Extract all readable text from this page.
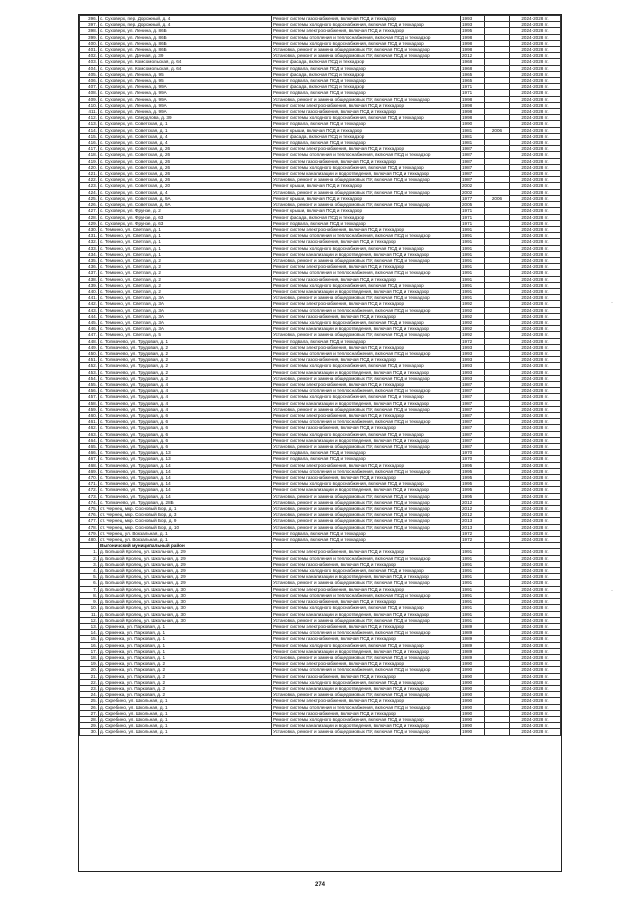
396.	с. Суховерх, пер. Дорожный, д. 4	Ремонт систем газоснабжения, включая ПСД и техкадзор	1993		2024-2028 гг.
397.	с. Суховерх, пер. Дорожный, д. 4	Ремонт системы холодного водоснабжения, включая ПСД и техкадзор	1993		2024-2028 гг.
398.	с. Суховерх, ул. Ленина, д. 86Б	Ремонт систем электроснабжения, включая ПСД и техкадзор	1995		2024-2028 гг.
399.	с. Суховерх, ул. Ленина, д. 86Б	Ремонт системы отопления и теплоснабжения, включая ПСД и техкадзор	1998		2024-2028 гг.
400.	с. Суховерх, ул. Ленина, д. 86Б	Ремонт системы холодного водоснабжения, включая ПСД и техкадзор	1998		2024-2028 гг.
401.	с. Суховерх, ул. Ленина, д. 86Б	Установка, ремонт и замена общедомовых ПУ, включая ПСД и техкадзор	1998		2024-2028 гг.
402.	с. Суховерх, ул. Дачная, д. 39	Установка, ремонт и замена общедомовых ПУ, включая ПСД и техкадзор	2012		2024-2028 гг.
403.	с. Суховерх, ул. Комсомольская, д. 64	Ремонт фасада, включая ПСД и техкадзор	1968		2024-2028 гг.
404.	с. Суховерх, ул. Комсомольская, д. 64	Ремонт подвала, включая ПСД и техкадзор	1968		2024-2028 гг.
405.	с. Суховерх, ул. Ленина, д. 95	Ремонт фасада, включая ПСД и техкадзор	1965		2024-2028 гг.
406.	с. Суховерх, ул. Ленина, д. 95	Ремонт подвала, включая ПСД и техкадзор	1965		2024-2028 гг.
407.	с. Суховерх, ул. Ленина, д. 99А	Ремонт фасада, включая ПСД и техкадзор	1971		2024-2028 гг.
408.	с. Суховерх, ул. Ленина, д. 99А	Ремонт подвала, включая ПСД и техкадзор	1971		2024-2028 гг.
409.	с. Суховерх, ул. Ленина, д. 99А	Установка, ремонт и замена общедомовых ПУ, включая ПСД и техкадзор	1998		2024-2028 гг.
410.	с. Суховерх, ул. Ленина, д. 99А	Ремонт систем электроснабжения, включая ПСД и техкадзор	1998		2024-2028 гг.
411.	с. Суховерх, ул. Ленина, д. 99А	Ремонт систем газоснабжения, включая ПСД и техкадзор	1998		2024-2028 гг.
412.	с. Суховерх, ул. Свердлова, д. 39	Ремонт системы холодного водоснабжения, включая ПСД и техкадзор	1998		2024-2028 гг.
413.	с. Суховерх, ул. Советская, д. 1	Ремонт подвала, включая ПСД и техкадзор	1990		2024-2028 гг.
414.	с. Суховерх, ул. Советская, д. 1	Ремонт крыши, включая ПСД и техкадзор	1981	2006	2024-2028 гг.
415.	с. Суховерх, ул. Советская, д. 4	Ремонт фасада, включая ПСД и техкадзор	1981		2024-2028 гг.
416.	с. Суховерх, ул. Советская, д. 4	Ремонт подвала, включая ПСД и техкадзор	1981		2024-2028 гг.
417.	с. Суховерх, ул. Советская, д. 26	Ремонт систем электроснабжения, включая ПСД и техкадзор	1987		2024-2028 гг.
418.	с. Суховерх, ул. Советская, д. 26	Ремонт системы отопления и теплоснабжения, включая ПСД и техкадзор	1987		2024-2028 гг.
419.	с. Суховерх, ул. Советская, д. 26	Ремонт систем газоснабжения, включая ПСД и техкадзор	1987		2024-2028 гг.
420.	с. Суховерх, ул. Советская, д. 26	Ремонт системы холодного водоснабжения, включая ПСД и техкадзор	1987		2024-2028 гг.
421.	с. Суховерх, ул. Советская, д. 26	Ремонт систем канализации и водоотведения, включая ПСД и техкадзор	1987		2024-2028 гг.
422.	с. Суховерх, ул. Советская, д. 26	Установка, ремонт и замена общедомовых ПУ, включая ПСД и техкадзор	1987		2024-2028 гг.
423.	с. Суховерх, ул. Советская, д. 20	Ремонт крыши, включая ПСД и техкадзор	2002		2024-2028 гг.
424.	с. Суховерх, ул. Советская, д. 4	Установка, ремонт и замена общедомовых ПУ, включая ПСД и техкадзор	2002		2024-2028 гг.
425.	с. Суховерх, ул. Советская, д. 9А	Ремонт крыши, включая ПСД и техкадзор	1977	2006	2024-2028 гг.
426.	с. Суховерх, ул. Советская, д. 9А	Установка, ремонт и замена общедомовых ПУ, включая ПСД и техкадзор	2005		2024-2028 гг.
427.	с. Суховерх, ул. Фрунзе, д. 2	Ремонт крыши, включая ПСД и техкадзор	1971		2024-2028 гг.
428.	с. Суховерх, ул. Фрунзе, д. 63	Ремонт фасада, включая ПСД и техкадзор	1971		2024-2028 гг.
429.	с. Суховерх, ул. Фрунзе, д. 63	Ремонт подвала, включая ПСД и техкадзор	1971		2024-2028 гг.
430.	с. Темкино, ул. Светлая, д. 1	Ремонт систем электроснабжения, включая ПСД и техкадзор	1991		2024-2028 гг.
431.	с. Темкино, ул. Светлая, д. 1	Ремонт системы отопления и теплоснабжения, включая ПСД и техкадзор	1991		2024-2028 гг.
432.	с. Темкино, ул. Светлая, д. 1	Ремонт систем газоснабжения, включая ПСД и техкадзор	1991		2024-2028 гг.
433.	с. Темкино, ул. Светлая, д. 1	Ремонт системы холодного водоснабжения, включая ПСД и техкадзор	1991		2024-2028 гг.
434.	с. Темкино, ул. Светлая, д. 1	Ремонт систем канализации и водоотведения, включая ПСД и техкадзор	1991		2024-2028 гг.
435.	с. Темкино, ул. Светлая, д. 2	Установка, ремонт и замена общедомовых ПУ, включая ПСД и техкадзор	1991		2024-2028 гг.
436.	с. Темкино, ул. Светлая, д. 2	Ремонт систем электроснабжения, включая ПСД и техкадзор	1991		2024-2028 гг.
437.	с. Темкино, ул. Светлая, д. 2	Ремонт системы отопления и теплоснабжения, включая ПСД и техкадзор	1991		2024-2028 гг.
438.	с. Темкино, ул. Светлая, д. 2	Ремонт систем газоснабжения, включая ПСД и техкадзор	1991		2024-2028 гг.
439.	с. Темкино, ул. Светлая, д. 2	Ремонт системы холодного водоснабжения, включая ПСД и техкадзор	1991		2024-2028 гг.
440.	с. Темкино, ул. Светлая, д. 2	Ремонт систем канализации и водоотведения, включая ПСД и техкадзор	1991		2024-2028 гг.
441.	с. Темкино, ул. Светлая, д. 3А	Установка, ремонт и замена общедомовых ПУ, включая ПСД и техкадзор	1991		2024-2028 гг.
442.	с. Темкино, ул. Светлая, д. 3А	Ремонт систем электроснабжения, включая ПСД и техкадзор	1992		2024-2028 гг.
443.	с. Темкино, ул. Светлая, д. 3А	Ремонт системы отопления и теплоснабжения, включая ПСД и техкадзор	1992		2024-2028 гг.
444.	с. Темкино, ул. Светлая, д. 3А	Ремонт систем газоснабжения, включая ПСД и техкадзор	1992		2024-2028 гг.
445.	с. Темкино, ул. Светлая, д. 3А	Ремонт системы холодного водоснабжения, включая ПСД и техкадзор	1992		2024-2028 гг.
446.	с. Темкино, ул. Светлая, д. 3А	Ремонт систем канализации и водоотведения, включая ПСД и техкадзор	1992		2024-2028 гг.
447.	с. Темкино, ул. Светлая, д. 5	Установка, ремонт и замена общедомовых ПУ, включая ПСД и техкадзор	1992		2024-2028 гг.
448.	с. Толмачево, ул. Трудовая, д. 1	Ремонт подвала, включая ПСД и техкадзор	1972		2024-2028 гг.
449.	с. Толмачево, ул. Трудовая, д. 2	Ремонт систем электроснабжения, включая ПСД и техкадзор	1993		2024-2028 гг.
450.	с. Толмачево, ул. Трудовая, д. 2	Ремонт системы отопления и теплоснабжения, включая ПСД и техкадзор	1993		2024-2028 гг.
451.	с. Толмачево, ул. Трудовая, д. 2	Ремонт систем газоснабжения, включая ПСД и техкадзор	1993		2024-2028 гг.
452.	с. Толмачево, ул. Трудовая, д. 2	Ремонт системы холодного водоснабжения, включая ПСД и техкадзор	1993		2024-2028 гг.
453.	с. Толмачево, ул. Трудовая, д. 2	Ремонт систем канализации и водоотведения, включая ПСД и техкадзор	1993		2024-2028 гг.
454.	с. Толмачево, ул. Трудовая, д. 2	Установка, ремонт и замена общедомовых ПУ, включая ПСД и техкадзор	1993		2024-2028 гг.
455.	с. Толмачево, ул. Трудовая, д. 4	Ремонт систем электроснабжения, включая ПСД и техкадзор	1987		2024-2028 гг.
456.	с. Толмачево, ул. Трудовая, д. 4	Ремонт системы отопления и теплоснабжения, включая ПСД и техкадзор	1987		2024-2028 гг.
457.	с. Толмачево, ул. Трудовая, д. 4	Ремонт системы холодного водоснабжения, включая ПСД и техкадзор	1987		2024-2028 гг.
458.	с. Толмачево, ул. Трудовая, д. 4	Ремонт систем канализации и водоотведения, включая ПСД и техкадзор	1987		2024-2028 гг.
459.	с. Толмачево, ул. Трудовая, д. 4	Установка, ремонт и замена общедомовых ПУ, включая ПСД и техкадзор	1987		2024-2028 гг.
460.	с. Толмачево, ул. Трудовая, д. 6	Ремонт систем электроснабжения, включая ПСД и техкадзор	1987		2024-2028 гг.
461.	с. Толмачево, ул. Трудовая, д. 6	Ремонт системы отопления и теплоснабжения, включая ПСД и техкадзор	1987		2024-2028 гг.
462.	с. Толмачево, ул. Трудовая, д. 6	Ремонт систем газоснабжения, включая ПСД и техкадзор	1987		2024-2028 гг.
463.	с. Толмачево, ул. Трудовая, д. 6	Ремонт системы холодного водоснабжения, включая ПСД и техкадзор	1987		2024-2028 гг.
464.	с. Толмачево, ул. Трудовая, д. 6	Ремонт систем канализации и водоотведения, включая ПСД и техкадзор	1987		2024-2028 гг.
465.	с. Толмачево, ул. Трудовая, д. 6	Установка, ремонт и замена общедомовых ПУ, включая ПСД и техкадзор	1987		2024-2028 гг.
466.	с. Толмачево, ул. Трудовая, д. 13	Ремонт подвала, включая ПСД и техкадзор	1970		2024-2028 гг.
467.	с. Толмачево, ул. Трудовая, д. 13	Ремонт подвала, включая ПСД и техкадзор	1970		2024-2028 гг.
468.	с. Толмачево, ул. Трудовая, д. 14	Ремонт систем электроснабжения, включая ПСД и техкадзор	1995		2024-2028 гг.
469.	с. Толмачево, ул. Трудовая, д. 14	Ремонт системы отопления и теплоснабжения, включая ПСД и техкадзор	1995		2024-2028 гг.
470.	с. Толмачево, ул. Трудовая, д. 14	Ремонт систем газоснабжения, включая ПСД и техкадзор	1995		2024-2028 гг.
471.	с. Толмачево, ул. Трудовая, д. 14	Ремонт системы холодного водоснабжения, включая ПСД и техкадзор	1995		2024-2028 гг.
472.	с. Толмачево, ул. Трудовая, д. 14	Ремонт систем канализации и водоотведения, включая ПСД и техкадзор	1995		2024-2028 гг.
473.	с. Толмачево, ул. Трудовая, д. 14	Установка, ремонт и замена общедомовых ПУ, включая ПСД и техкадзор	1995		2024-2028 гг.
474.	с. Толмачево, ул. Трудовая, д. 28Б	Установка, ремонт и замена общедомовых ПУ, включая ПСД и техкадзор	2012		2024-2028 гг.
475.	ст. Чернец, мкр. Сосновый Бор, д. 1	Установка, ремонт и замена общедомовых ПУ, включая ПСД и техкадзор	2012		2024-2028 гг.
476.	ст. Чернец, мкр. Сосновый Бор, д. 3	Установка, ремонт и замена общедомовых ПУ, включая ПСД и техкадзор	2012		2024-2028 гг.
477.	ст. Чернец, мкр. Сосновый Бор, д. 9	Установка, ремонт и замена общедомовых ПУ, включая ПСД и техкадзор	2013		2024-2028 гг.
478.	ст. Чернец, мкр. Сосновый Бор, д. 10	Установка, ремонт и замена общедомовых ПУ, включая ПСД и техкадзор	2013		2024-2028 гг.
479.	ст. Чернец, ул. Вокзальная, д. 1	Ремонт подвала, включая ПСД и техкадзор	1972		2024-2028 гг.
480.	ст. Чернец, ул. Вокзальная, д. 1	Ремонт подвала, включая ПСД и техкадзор	1972		2024-2028 гг.
	Выгоничский муниципальный район				
1.	д. Большой Кролец, ул. Школьная, д. 29	Ремонт систем электроснабжения, включая ПСД и техкадзор	1991		2024-2028 гг.
2.	д. Большой Кролец, ул. Школьная, д. 29	Ремонт системы отопления и теплоснабжения, включая ПСД и техкадзор	1991		2024-2028 гг.
3.	д. Большой Кролец, ул. Школьная, д. 29	Ремонт систем газоснабжения, включая ПСД и техкадзор	1991		2024-2028 гг.
4.	д. Большой Кролец, ул. Школьная, д. 29	Ремонт системы холодного водоснабжения, включая ПСД и техкадзор	1991		2024-2028 гг.
5.	д. Большой Кролец, ул. Школьная, д. 29	Ремонт систем канализации и водоотведения, включая ПСД и техкадзор	1991		2024-2028 гг.
6.	д. Большой Кролец, ул. Школьная, д. 29	Установка, ремонт и замена общедомовых ПУ, включая ПСД и техкадзор	1991		2024-2028 гг.
7.	д. Большой Кролец, ул. Школьная, д. 30	Ремонт систем электроснабжения, включая ПСД и техкадзор	1991		2024-2028 гг.
8.	д. Большой Кролец, ул. Школьная, д. 30	Ремонт системы отопления и теплоснабжения, включая ПСД и техкадзор	1991		2024-2028 гг.
9.	д. Большой Кролец, ул. Школьная, д. 30	Ремонт систем газоснабжения, включая ПСД и техкадзор	1991		2024-2028 гг.
10.	д. Большой Кролец, ул. Школьная, д. 30	Ремонт системы холодного водоснабжения, включая ПСД и техкадзор	1991		2024-2028 гг.
11.	д. Большой Кролец, ул. Школьная, д. 30	Ремонт систем канализации и водоотведения, включая ПСД и техкадзор	1991		2024-2028 гг.
12.	д. Большой Кролец, ул. Школьная, д. 30	Установка, ремонт и замена общедомовых ПУ, включая ПСД и техкадзор	1991		2024-2028 гг.
13.	д. Орменка, ул. Парковая, д. 1	Ремонт систем электроснабжения, включая ПСД и техкадзор	1989		2024-2028 гг.
14.	д. Орменка, ул. Парковая, д. 1	Ремонт системы отопления и теплоснабжения, включая ПСД и техкадзор	1989		2024-2028 гг.
15.	д. Орменка, ул. Парковая, д. 1	Ремонт систем газоснабжения, включая ПСД и техкадзор	1989		2024-2028 гг.
16.	д. Орменка, ул. Парковая, д. 1	Ремонт системы холодного водоснабжения, включая ПСД и техкадзор	1989		2024-2028 гг.
17.	д. Орменка, ул. Парковая, д. 1	Ремонт систем канализации и водоотведения, включая ПСД и техкадзор	1989		2024-2028 гг.
18.	д. Орменка, ул. Парковая, д. 1	Установка, ремонт и замена общедомовых ПУ, включая ПСД и техкадзор	1989		2024-2028 гг.
19.	д. Орменка, ул. Парковая, д. 2	Ремонт систем электроснабжения, включая ПСД и техкадзор	1990		2024-2028 гг.
20.	д. Орменка, ул. Парковая, д. 2	Ремонт системы отопления и теплоснабжения, включая ПСД и техкадзор	1990		2024-2028 гг.
21.	д. Орменка, ул. Парковая, д. 2	Ремонт систем газоснабжения, включая ПСД и техкадзор	1990		2024-2028 гг.
22.	д. Орменка, ул. Парковая, д. 2	Ремонт системы холодного водоснабжения, включая ПСД и техкадзор	1990		2024-2028 гг.
23.	д. Орменка, ул. Парковая, д. 2	Ремонт систем канализации и водоотведения, включая ПСД и техкадзор	1990		2024-2028 гг.
24.	д. Орменка, ул. Парковая, д. 2	Установка, ремонт и замена общедомовых ПУ, включая ПСД и техкадзор	1990		2024-2028 гг.
25.	д. Скребино, ул. Школьная, д. 1	Ремонт систем электроснабжения, включая ПСД и техкадзор	1990		2024-2028 гг.
26.	д. Скребино, ул. Школьная, д. 1	Ремонт системы отопления и теплоснабжения, включая ПСД и техкадзор	1990		2024-2028 гг.
27.	д. Скребино, ул. Школьная, д. 1	Ремонт систем газоснабжения, включая ПСД и техкадзор	1990		2024-2028 гг.
28.	д. Скребино, ул. Школьная, д. 1	Ремонт системы холодного водоснабжения, включая ПСД и техкадзор	1990		2024-2028 гг.
29.	д. Скребино, ул. Школьная, д. 1	Ремонт систем канализации и водоотведения, включая ПСД и техкадзор	1990		2024-2028 гг.
30.	д. Скребино, ул. Школьная, д. 1	Установка, ремонт и замена общедомовых ПУ, включая ПСД и техкадзор	1990		2024-2028 гг.
·
·
274
